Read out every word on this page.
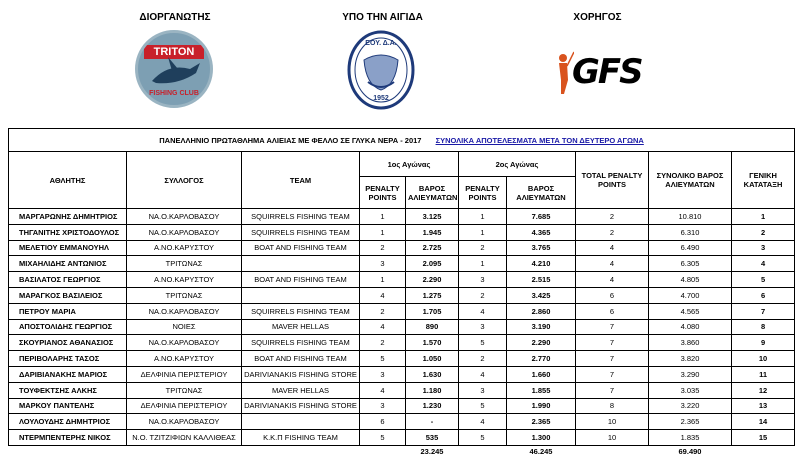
ΔΙΟΡΓΑΝΩΤΗΣ	ΥΠΟ ΤΗΝ ΑΙΓΙΔΑ	ΧΟΡΗΓΟΣ
TRITON
FISHING CLUB
ΕΟΥ. Δ.Α.
1952
GFS
ΠΑΝΕΛΛΗΝΙΟ ΠΡΩΤΑΘΛΗΜΑ ΑΛΙΕΙΑΣ ΜΕ ΦΕΛΛΟ ΣΕ ΓΛΥΚΑ ΝΕΡΑ - 2017 ΣΥΝΟΛΙΚΑ ΑΠΟΤΕΛΕΣΜΑΤΑ ΜΕΤΑ ΤΟΝ ΔΕΥΤΕΡΟ ΑΓΩΝΑ									
ΑΘΛΗΤΗΣ	ΣΥΛΛΟΓΟΣ	TEAM	1ος Αγώνας		2ος Αγώνας		TOTAL PENALTY POINTS	ΣΥΝΟΛΙΚΟ ΒΑΡΟΣ ΑΛΙΕΥΜΑΤΩΝ	ΓΕΝΙΚΗ ΚΑΤΑΤΑΞΗ
			PENALTY POINTS	ΒΑΡΟΣ ΑΛΙΕΥΜΑΤΩΝ	PENALTY POINTS	ΒΑΡΟΣ ΑΛΙΕΥΜΑΤΩΝ			
ΜΑΡΓΑΡΩΝΗΣ ΔΗΜΗΤΡΙΟΣ	ΝΑ.Ο.ΚΑΡΛΟΒΑΣΟΥ	SQUIRRELS FISHING TEAM	1	3.125	1	7.685	2	10.810	1
ΤΗΓΑΝΙΤΗΣ ΧΡΙΣΤΟΔΟΥΛΟΣ	ΝΑ.Ο.ΚΑΡΛΟΒΑΣΟΥ	SQUIRRELS FISHING TEAM	1	1.945	1	4.365	2	6.310	2
ΜΕΛΕΤΙΟΥ ΕΜΜΑΝΟΥΗΛ	Α.ΝΟ.ΚΑΡΥΣΤΟΥ	BOAT AND FISHING TEAM	2	2.725	2	3.765	4	6.490	3
ΜΙΧΑΗΛΙΔΗΣ ΑΝΤΩΝΙΟΣ	ΤΡΙΤΩΝΑΣ		3	2.095	1	4.210	4	6.305	4
ΒΑΣΙΛΑΤΟΣ ΓΕΩΡΓΙΟΣ	Α.ΝΟ.ΚΑΡΥΣΤΟΥ	BOAT AND FISHING TEAM	1	2.290	3	2.515	4	4.805	5
ΜΑΡΑΓΚΟΣ ΒΑΣΙΛΕΙΟΣ	ΤΡΙΤΩΝΑΣ		4	1.275	2	3.425	6	4.700	6
ΠΕΤΡΟΥ ΜΑΡΙΑ	ΝΑ.Ο.ΚΑΡΛΟΒΑΣΟΥ	SQUIRRELS FISHING TEAM	2	1.705	4	2.860	6	4.565	7
ΑΠΟΣΤΟΛΙΔΗΣ ΓΕΩΡΓΙΟΣ	ΝΟΙΕΣ	MAVER HELLAS	4	890	3	3.190	7	4.080	8
ΣΚΟΥΡΙΑΝΟΣ ΑΘΑΝΑΣΙΟΣ	ΝΑ.Ο.ΚΑΡΛΟΒΑΣΟΥ	SQUIRRELS FISHING TEAM	2	1.570	5	2.290	7	3.860	9
ΠΕΡΙΒΟΛΑΡΗΣ ΤΑΣΟΣ	Α.ΝΟ.ΚΑΡΥΣΤΟΥ	BOAT AND FISHING TEAM	5	1.050	2	2.770	7	3.820	10
ΔΑΡΙΒΙΑΝΑΚΗΣ ΜΑΡΙΟΣ	ΔΕΛΦΙΝΙΑ ΠΕΡΙΣΤΕΡΙΟΥ	DARIVIANAKIS FISHING STORE	3	1.630	4	1.660	7	3.290	11
ΤΟΥΦΕΚΤΣΗΣ ΑΛΚΗΣ	ΤΡΙΤΩΝΑΣ	MAVER HELLAS	4	1.180	3	1.855	7	3.035	12
ΜΑΡΚΟΥ ΠΑΝΤΕΛΗΣ	ΔΕΛΦΙΝΙΑ ΠΕΡΙΣΤΕΡΙΟΥ	DARIVIANAKIS FISHING STORE	3	1.230	5	1.990	8	3.220	13
ΛΟΥΛΟΥΔΗΣ ΔΗΜΗΤΡΙΟΣ	ΝΑ.Ο.ΚΑΡΛΟΒΑΣΟΥ		6	-	4	2.365	10	2.365	14
ΝΤΕΡΜΠΕΝΤΕΡΗΣ ΝΙΚΟΣ	Ν.Ο. ΤΖΙΤΖΙΦΙΩΝ ΚΑΛΛΙΘΕΑΣ	Κ.Κ.Π FISHING TEAM	5	535	5	1.300	10	1.835	15
				23.245		46.245		69.490	
